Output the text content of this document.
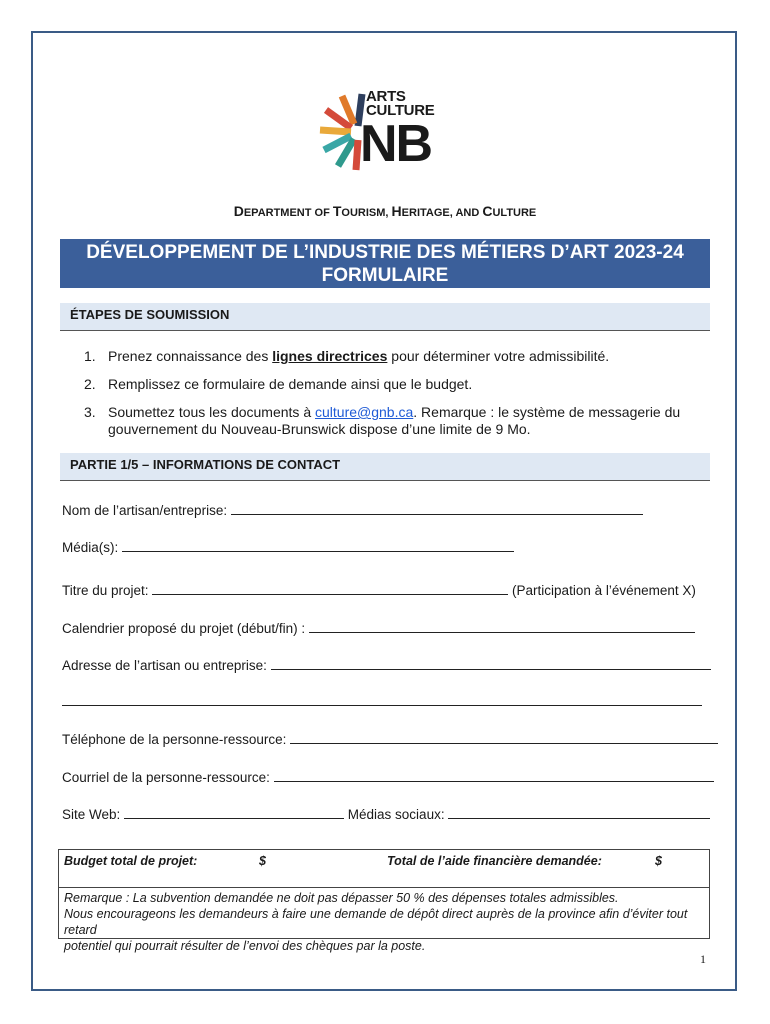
ARTS
CULTURE
NB
DEPARTMENT OF TOURISM, HERITAGE, AND CULTURE
DÉVELOPPEMENT DE L’INDUSTRIE DES MÉTIERS D’ART 2023-24
FORMULAIRE
ÉTAPES DE SOUMISSION
1. Prenez connaissance des lignes directrices pour déterminer votre admissibilité.
2. Remplissez ce formulaire de demande ainsi que le budget.
3. Soumettez tous les documents à culture@gnb.ca. Remarque : le système de messagerie du gouvernement du Nouveau-Brunswick dispose d’une limite de 9 Mo.
PARTIE 1/5 – INFORMATIONS DE CONTACT
Nom de l’artisan/entreprise:
Média(s):
Titre du projet:	(Participation à l’événement X)
Calendrier proposé du projet (début/fin) :
Adresse de l’artisan ou entreprise:
Téléphone de la personne-ressource:
Courriel de la personne-ressource:
Site Web:	Médias sociaux:
Budget total de projet:	$	Total de l’aide financière demandée:	$
Remarque : La subvention demandée ne doit pas dépasser 50 % des dépenses totales admissibles.
Nous encourageons les demandeurs à faire une demande de dépôt direct auprès de la province afin d’éviter tout retard
potentiel qui pourrait résulter de l’envoi des chèques par la poste.
1
